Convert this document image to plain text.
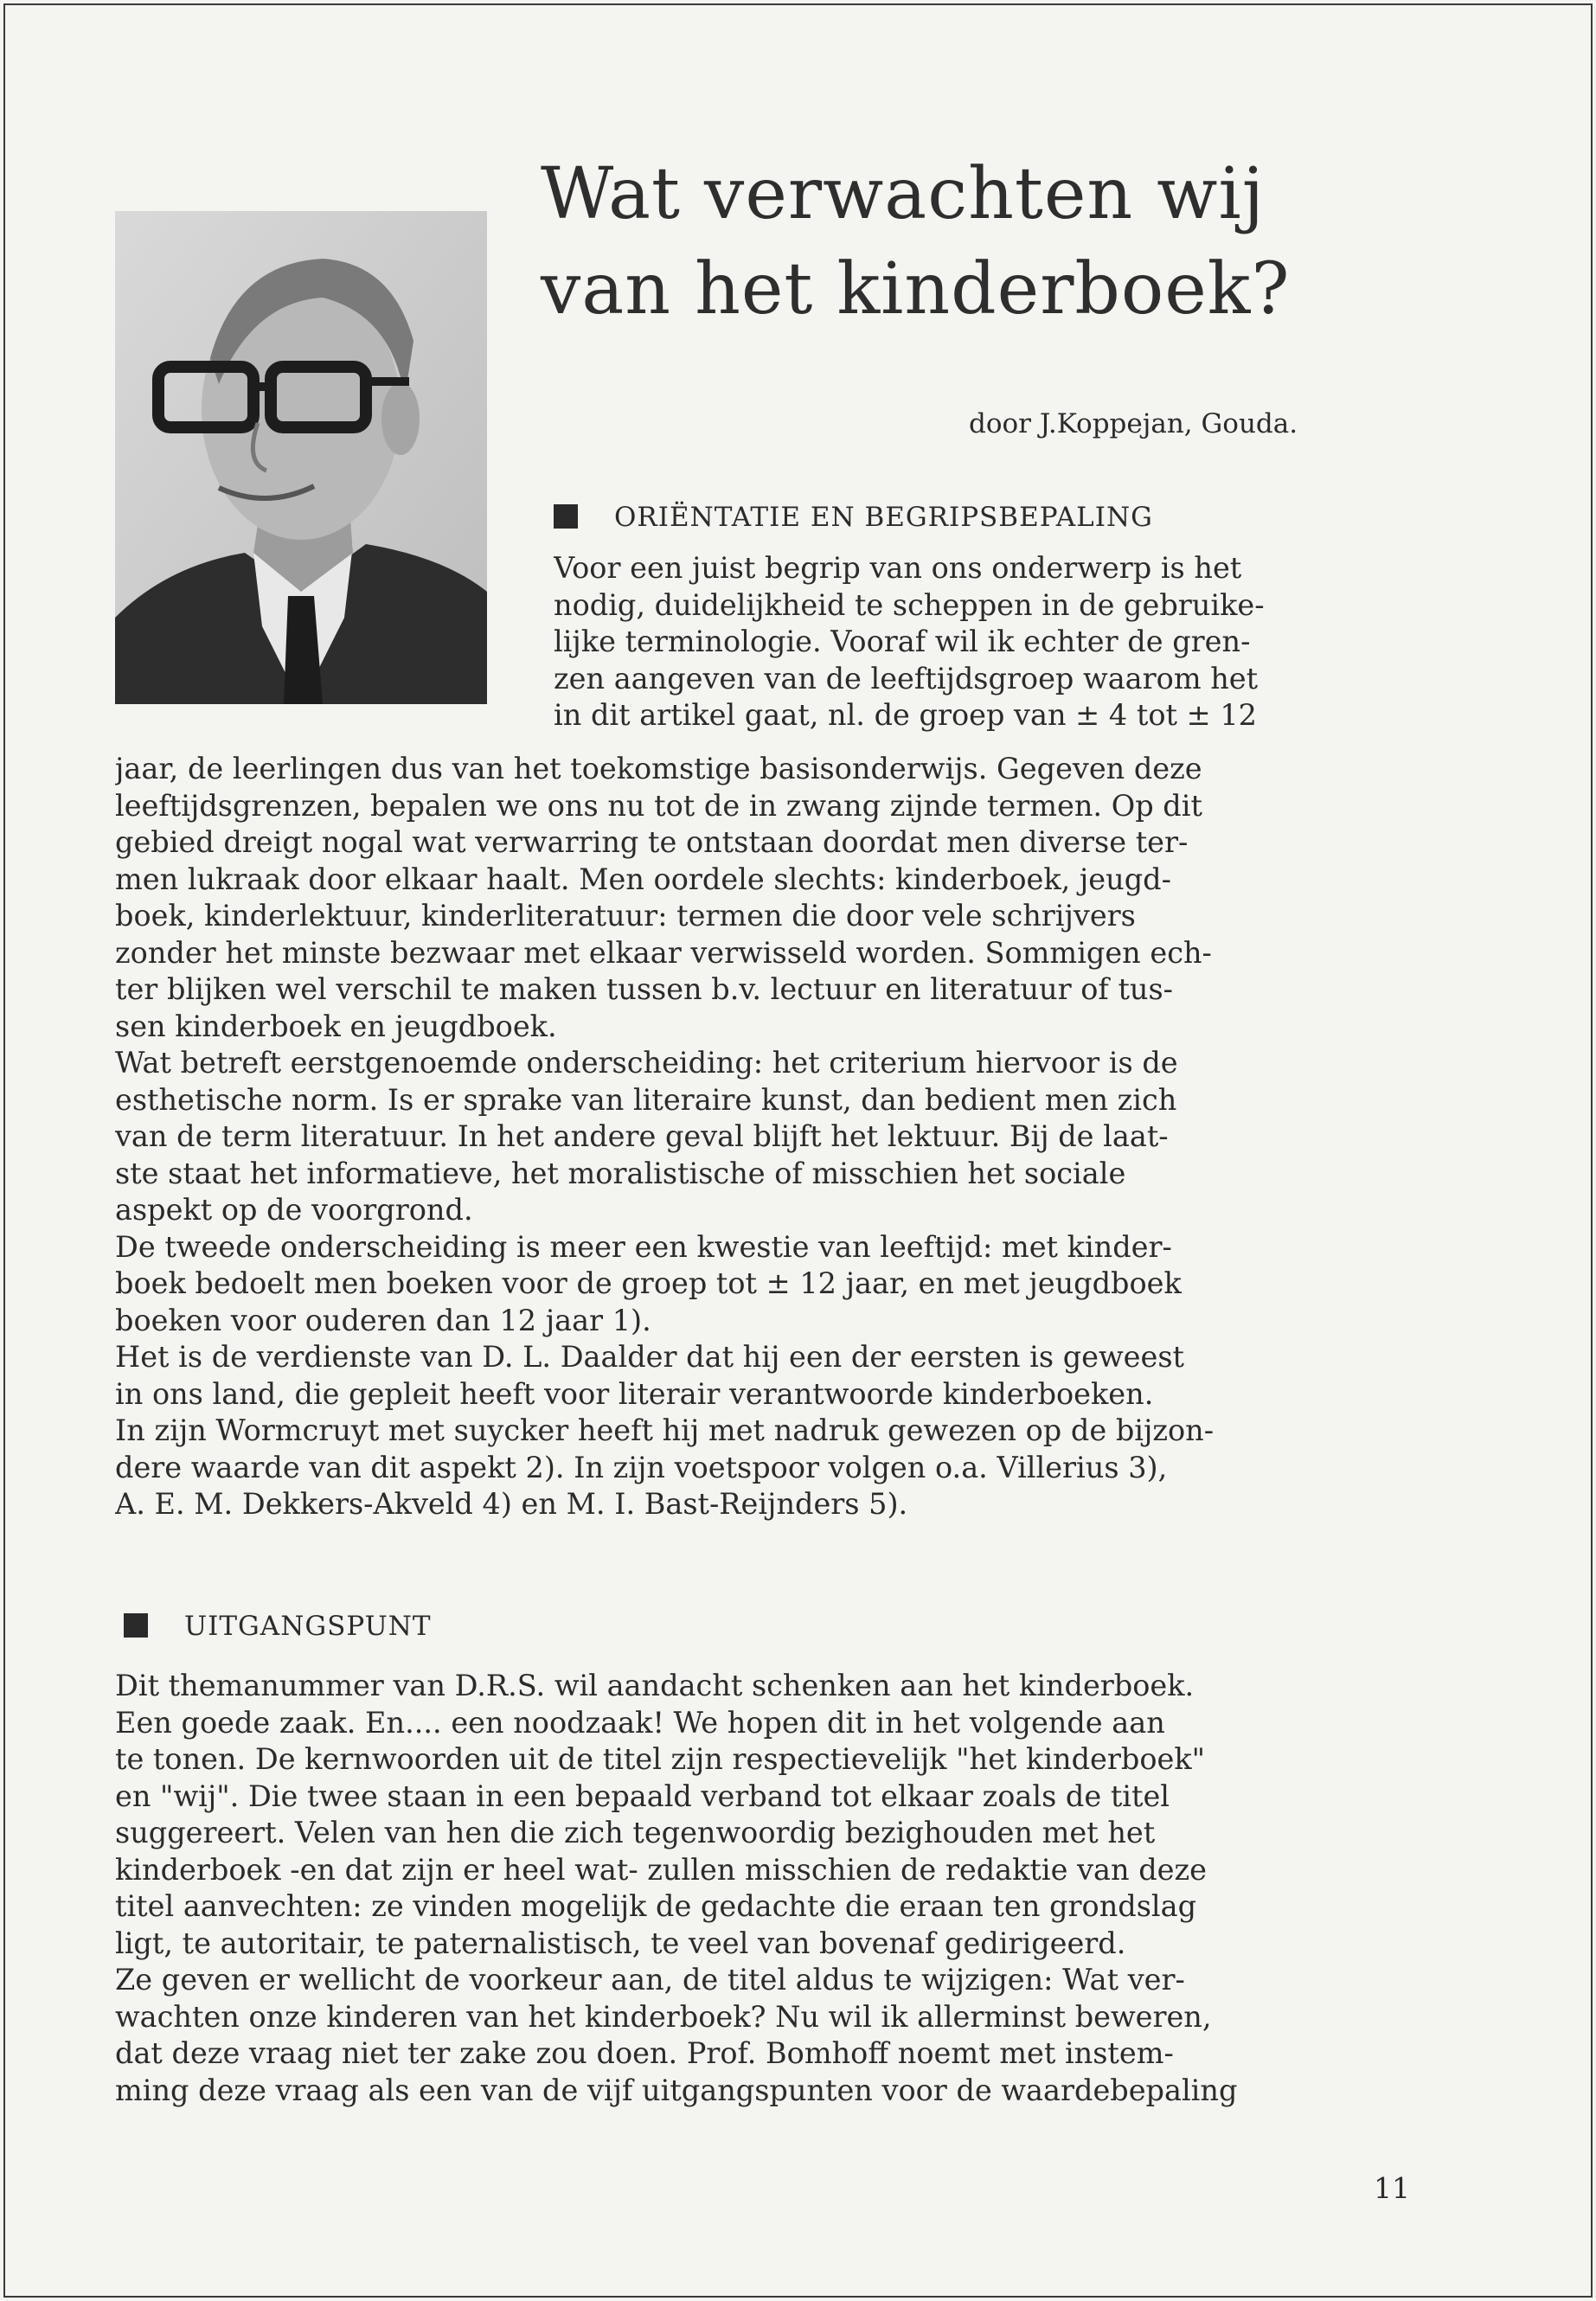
Wat verwachten wij
van het kinderboek?
door J.Koppejan, Gouda.
ORIËNTATIE EN BEGRIPSBEPALING
Voor een juist begrip van ons onderwerp is het
nodig, duidelijkheid te scheppen in de gebruike-
lijke terminologie. Vooraf wil ik echter de gren-
zen aangeven van de leeftijdsgroep waarom het
in dit artikel gaat, nl. de groep van ± 4 tot ± 12
jaar, de leerlingen dus van het toekomstige basisonderwijs. Gegeven deze
leeftijdsgrenzen, bepalen we ons nu tot de in zwang zijnde termen. Op dit
gebied dreigt nogal wat verwarring te ontstaan doordat men diverse ter-
men lukraak door elkaar haalt. Men oordele slechts: kinderboek, jeugd-
boek, kinderlektuur, kinderliteratuur: termen die door vele schrijvers
zonder het minste bezwaar met elkaar verwisseld worden. Sommigen ech-
ter blijken wel verschil te maken tussen b.v. lectuur en literatuur of tus-
sen kinderboek en jeugdboek.
Wat betreft eerstgenoemde onderscheiding: het criterium hiervoor is de
esthetische norm. Is er sprake van literaire kunst, dan bedient men zich
van de term literatuur. In het andere geval blijft het lektuur. Bij de laat-
ste staat het informatieve, het moralistische of misschien het sociale
aspekt op de voorgrond.
De tweede onderscheiding is meer een kwestie van leeftijd: met kinder-
boek bedoelt men boeken voor de groep tot ± 12 jaar, en met jeugdboek
boeken voor ouderen dan 12 jaar 1).
Het is de verdienste van D. L. Daalder dat hij een der eersten is geweest
in ons land, die gepleit heeft voor literair verantwoorde kinderboeken.
In zijn Wormcruyt met suycker heeft hij met nadruk gewezen op de bijzon-
dere waarde van dit aspekt 2). In zijn voetspoor volgen o.a. Villerius 3),
A. E. M. Dekkers-Akveld 4) en M. I. Bast-Reijnders 5).
UITGANGSPUNT
Dit themanummer van D.R.S. wil aandacht schenken aan het kinderboek.
Een goede zaak. En.... een noodzaak! We hopen dit in het volgende aan
te tonen. De kernwoorden uit de titel zijn respectievelijk "het kinderboek"
en "wij". Die twee staan in een bepaald verband tot elkaar zoals de titel
suggereert. Velen van hen die zich tegenwoordig bezighouden met het
kinderboek -en dat zijn er heel wat- zullen misschien de redaktie van deze
titel aanvechten: ze vinden mogelijk de gedachte die eraan ten grondslag
ligt, te autoritair, te paternalistisch, te veel van bovenaf gedirigeerd.
Ze geven er wellicht de voorkeur aan, de titel aldus te wijzigen: Wat ver-
wachten onze kinderen van het kinderboek? Nu wil ik allerminst beweren,
dat deze vraag niet ter zake zou doen. Prof. Bomhoff noemt met instem-
ming deze vraag als een van de vijf uitgangspunten voor de waardebepaling
11
